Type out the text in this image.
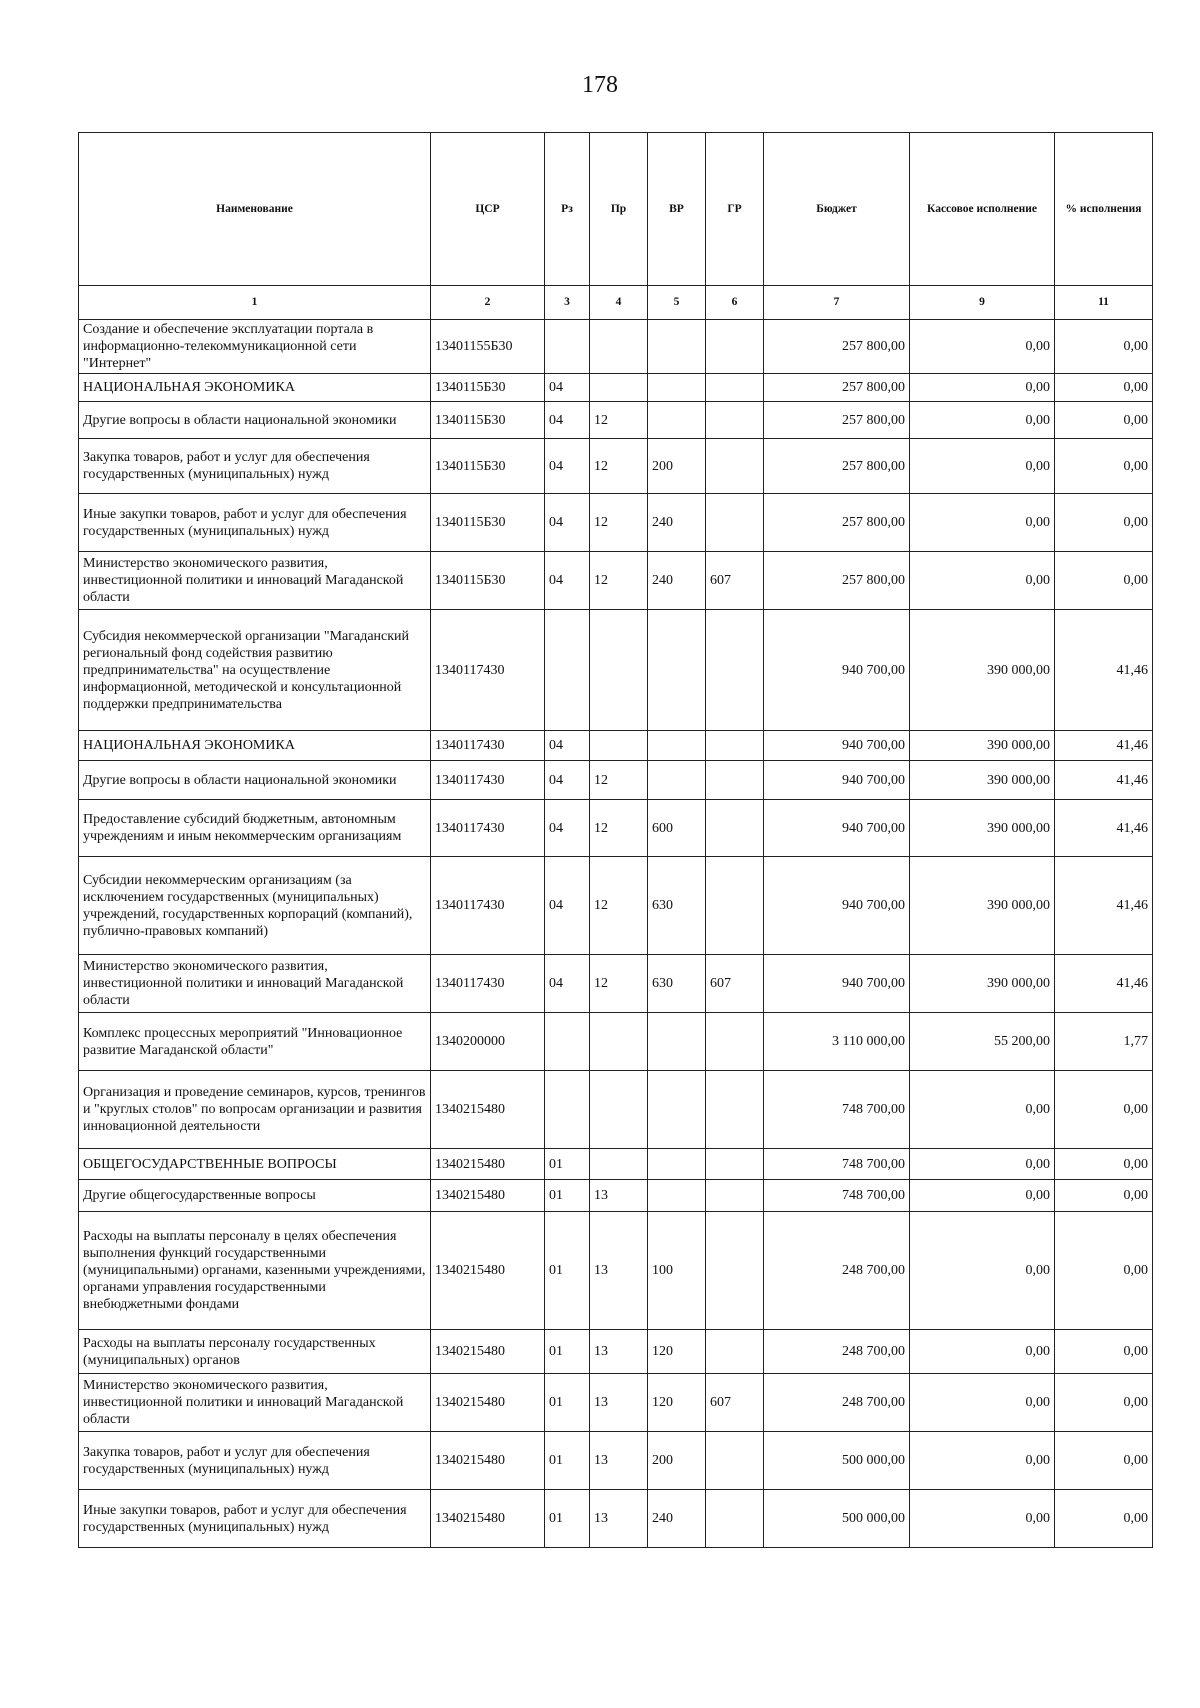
178
Наименование	ЦСР	Рз	Пр	ВР	ГР	Бюджет	Кассовое исполнение	% исполнения
1	2	3	4	5	6	7	9	11
Создание и обеспечение эксплуатации портала в информационно-телекоммуникационной сети "Интернет"	13401155Б30					257 800,00	0,00	0,00
НАЦИОНАЛЬНАЯ ЭКОНОМИКА	1340115Б30	04				257 800,00	0,00	0,00
Другие вопросы в области национальной экономики	1340115Б30	04	12			257 800,00	0,00	0,00
Закупка товаров, работ и услуг для обеспечения государственных (муниципальных) нужд	1340115Б30	04	12	200		257 800,00	0,00	0,00
Иные закупки товаров, работ и услуг для обеспечения государственных (муниципальных) нужд	1340115Б30	04	12	240		257 800,00	0,00	0,00
Министерство экономического развития, инвестиционной политики и инноваций Магаданской области	1340115Б30	04	12	240	607	257 800,00	0,00	0,00
Субсидия некоммерческой организации "Магаданский региональный фонд содействия развитию предпринимательства" на осуществление информационной, методической и консультационной поддержки предпринимательства	1340117430					940 700,00	390 000,00	41,46
НАЦИОНАЛЬНАЯ ЭКОНОМИКА	1340117430	04				940 700,00	390 000,00	41,46
Другие вопросы в области национальной экономики	1340117430	04	12			940 700,00	390 000,00	41,46
Предоставление субсидий бюджетным, автономным учреждениям и иным некоммерческим организациям	1340117430	04	12	600		940 700,00	390 000,00	41,46
Субсидии некоммерческим организациям (за исключением государственных (муниципальных) учреждений, государственных корпораций (компаний), публично-правовых компаний)	1340117430	04	12	630		940 700,00	390 000,00	41,46
Министерство экономического развития, инвестиционной политики и инноваций Магаданской области	1340117430	04	12	630	607	940 700,00	390 000,00	41,46
Комплекс процессных мероприятий "Инновационное развитие Магаданской области"	1340200000					3 110 000,00	55 200,00	1,77
Организация и проведение семинаров, курсов, тренингов и "круглых столов" по вопросам организации и развития инновационной деятельности	1340215480					748 700,00	0,00	0,00
ОБЩЕГОСУДАРСТВЕННЫЕ ВОПРОСЫ	1340215480	01				748 700,00	0,00	0,00
Другие общегосударственные вопросы	1340215480	01	13			748 700,00	0,00	0,00
Расходы на выплаты персоналу в целях обеспечения выполнения функций государственными (муниципальными) органами, казенными учреждениями, органами управления государственными внебюджетными фондами	1340215480	01	13	100		248 700,00	0,00	0,00
Расходы на выплаты персоналу государственных (муниципальных) органов	1340215480	01	13	120		248 700,00	0,00	0,00
Министерство экономического развития, инвестиционной политики и инноваций Магаданской области	1340215480	01	13	120	607	248 700,00	0,00	0,00
Закупка товаров, работ и услуг для обеспечения государственных (муниципальных) нужд	1340215480	01	13	200		500 000,00	0,00	0,00
Иные закупки товаров, работ и услуг для обеспечения государственных (муниципальных) нужд	1340215480	01	13	240		500 000,00	0,00	0,00
